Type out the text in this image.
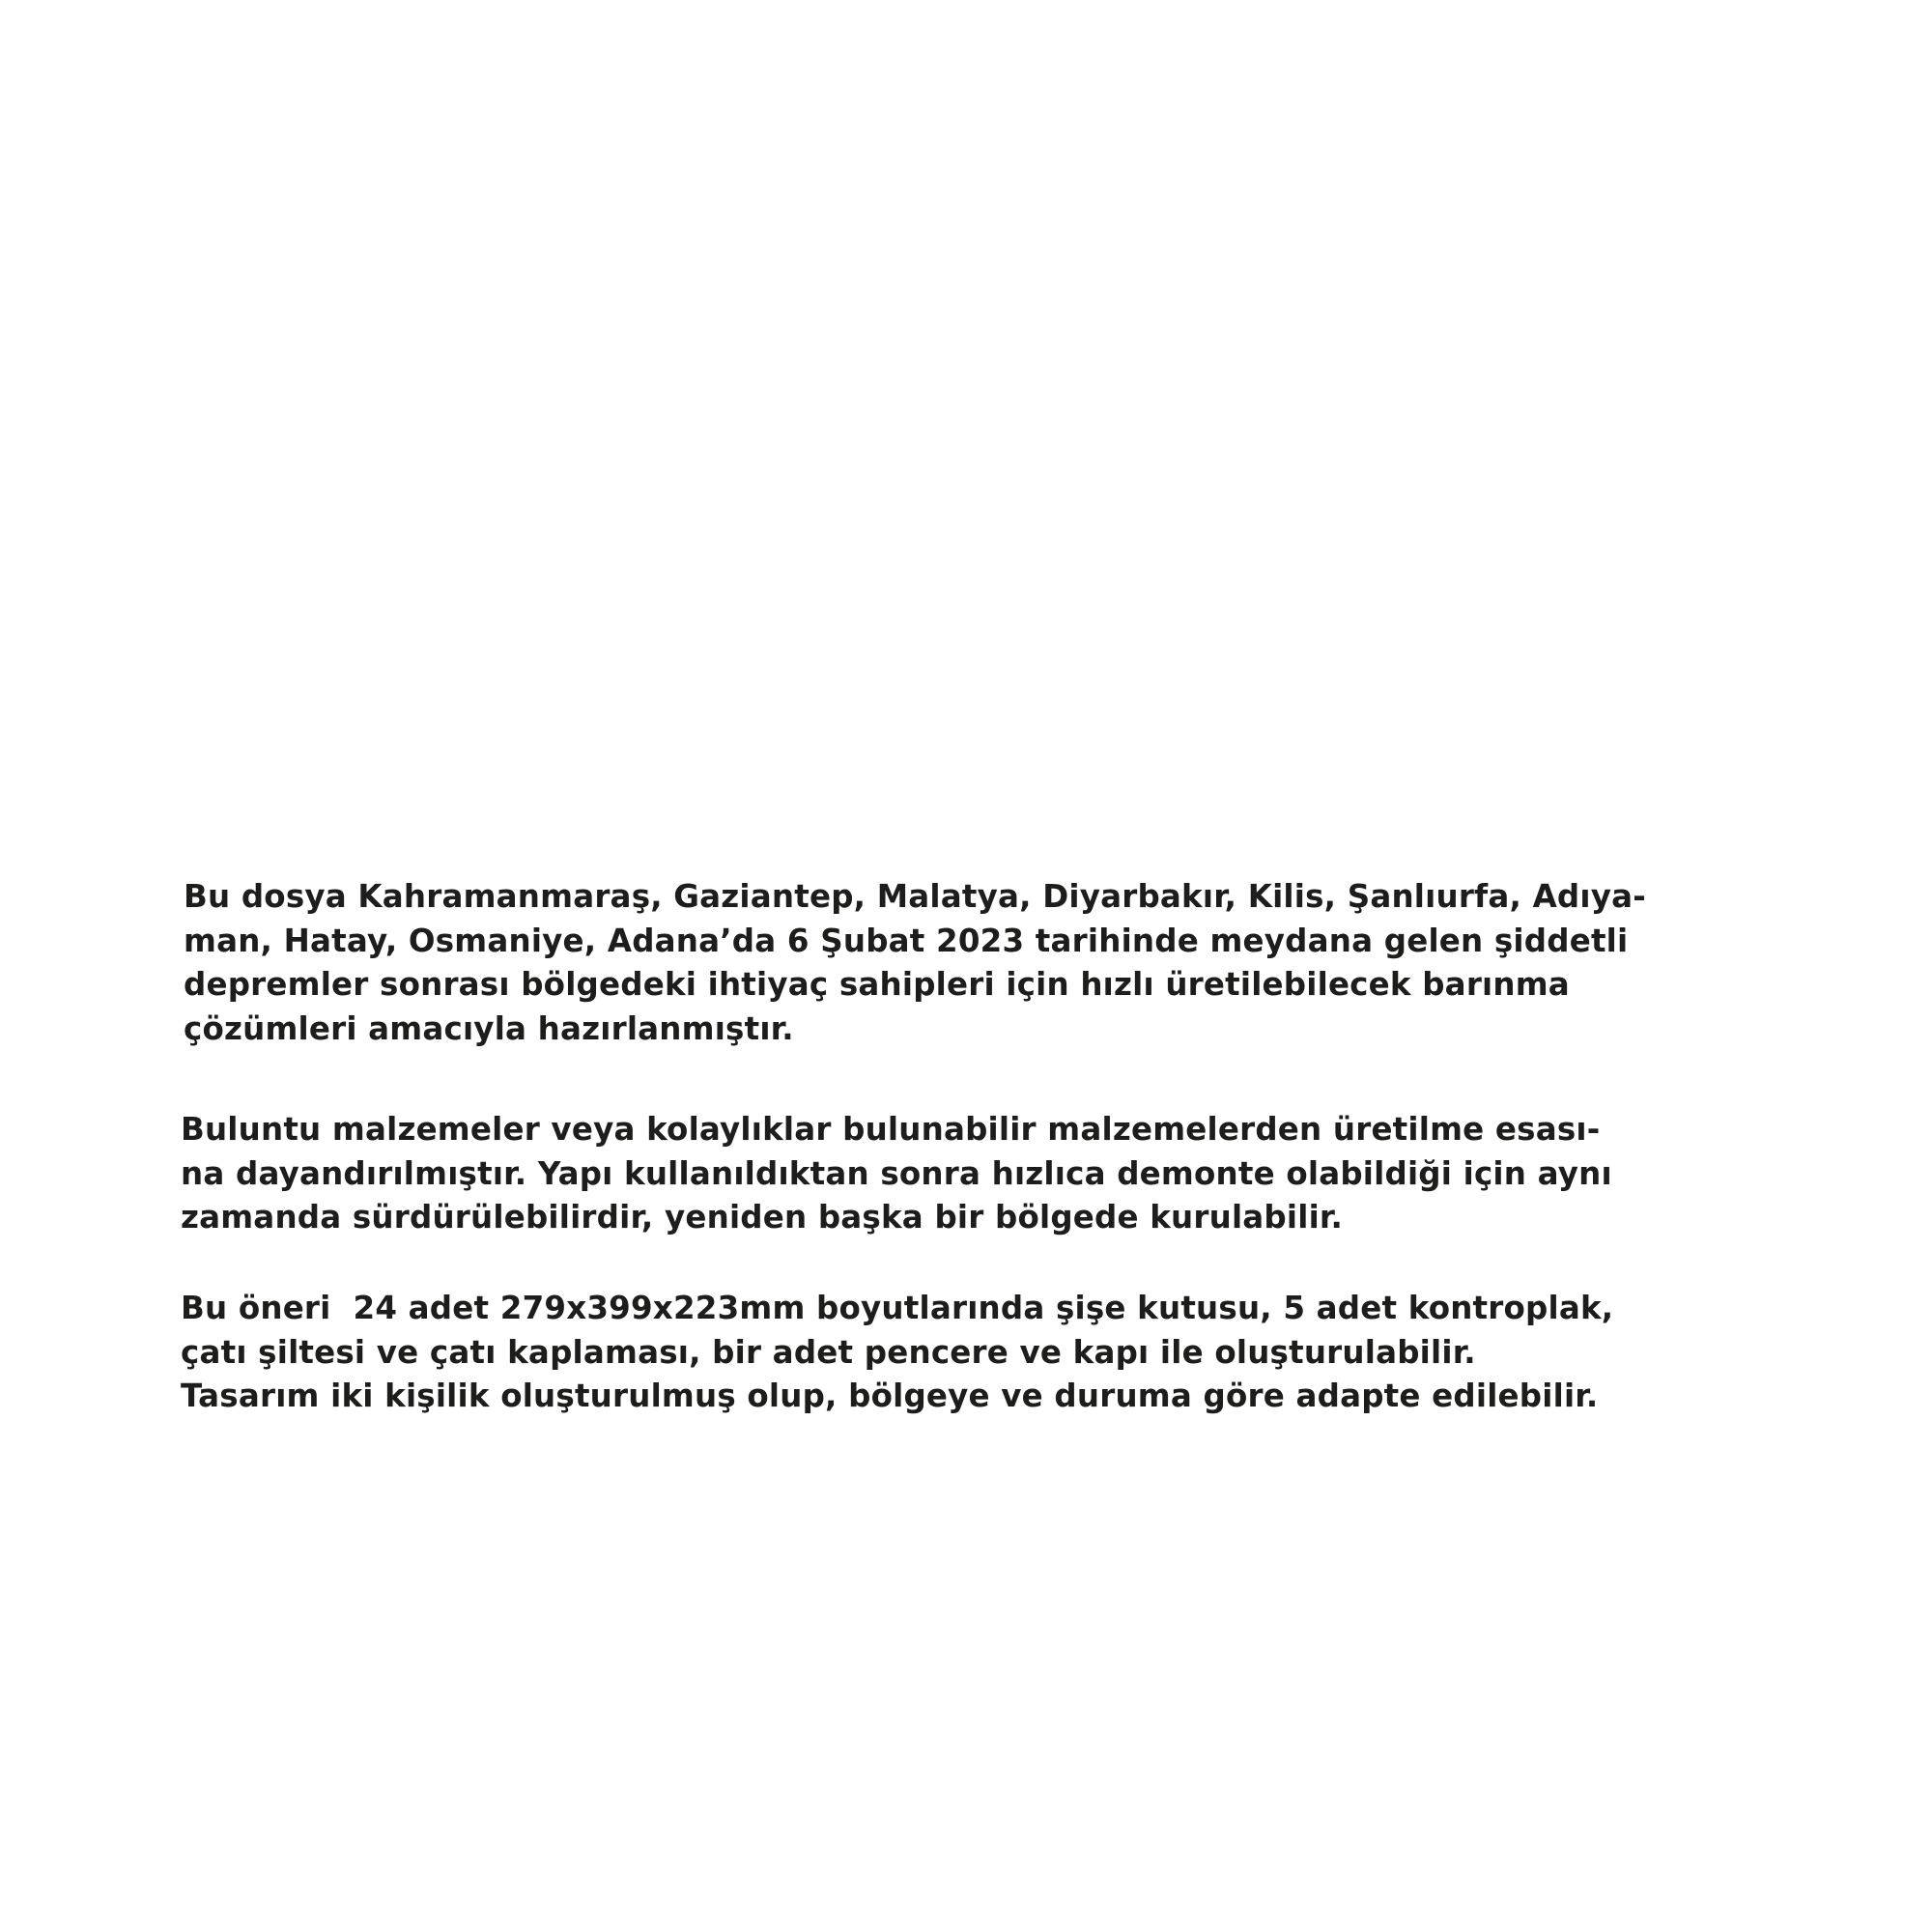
Bu dosya Kahramanmaraş, Gaziantep, Malatya, Diyarbakır, Kilis, Şanlıurfa, Adıya-
man, Hatay, Osmaniye, Adana’da 6 Şubat 2023 tarihinde meydana gelen şiddetli
depremler sonrası bölgedeki ihtiyaç sahipleri için hızlı üretilebilecek barınma
çözümleri amacıyla hazırlanmıştır.

Buluntu malzemeler veya kolaylıklar bulunabilir malzemelerden üretilme esası-
na dayandırılmıştır. Yapı kullanıldıktan sonra hızlıca demonte olabildiği için aynı
zamanda sürdürülebilirdir, yeniden başka bir bölgede kurulabilir.

Bu öneri  24 adet 279x399x223mm boyutlarında şişe kutusu, 5 adet kontroplak,
çatı şiltesi ve çatı kaplaması, bir adet pencere ve kapı ile oluşturulabilir.
Tasarım iki kişilik oluşturulmuş olup, bölgeye ve duruma göre adapte edilebilir.
